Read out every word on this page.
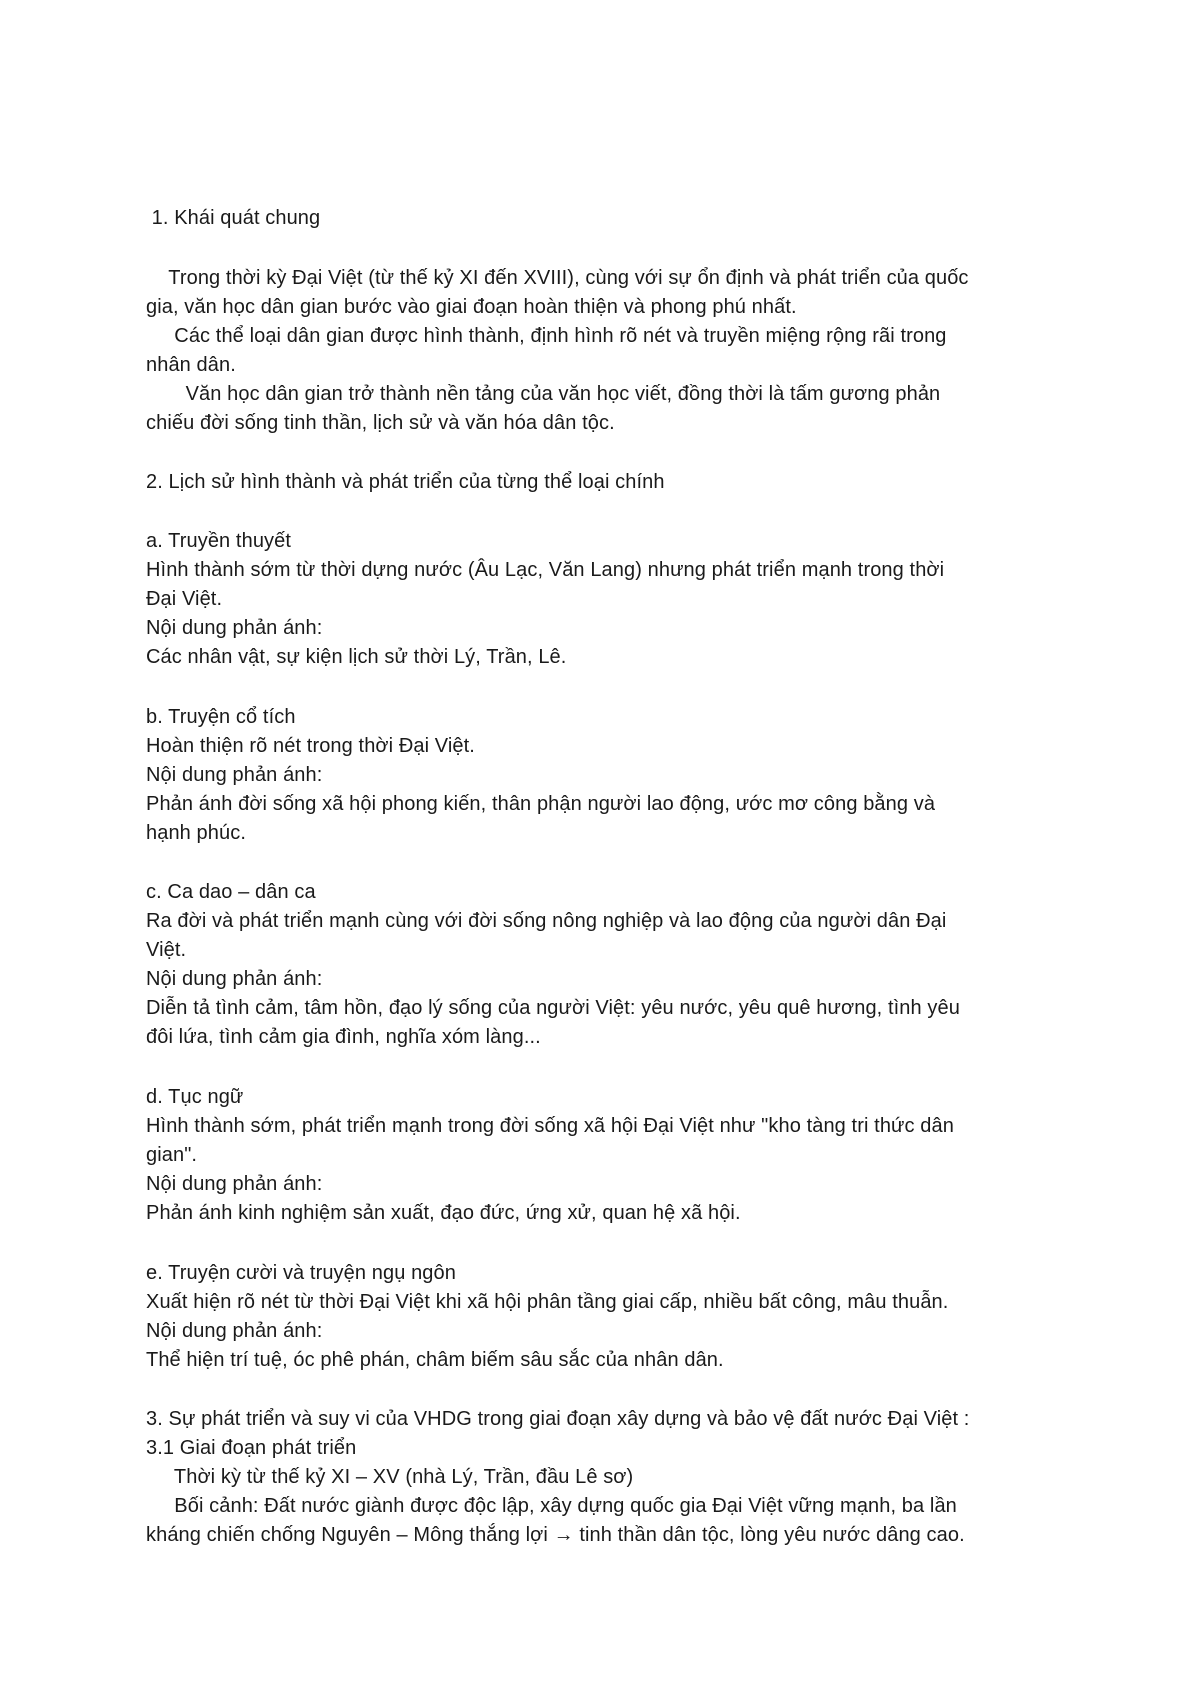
1. Khái quát chung
Trong thời kỳ Đại Việt (từ thế kỷ XI đến XVIII), cùng với sự ổn định và phát triển của quốc
gia, văn học dân gian bước vào giai đoạn hoàn thiện và phong phú nhất.
Các thể loại dân gian được hình thành, định hình rõ nét và truyền miệng rộng rãi trong
nhân dân.
Văn học dân gian trở thành nền tảng của văn học viết, đồng thời là tấm gương phản
chiếu đời sống tinh thần, lịch sử và văn hóa dân tộc.
2. Lịch sử hình thành và phát triển của từng thể loại chính
a. Truyền thuyết
Hình thành sớm từ thời dựng nước (Âu Lạc, Văn Lang) nhưng phát triển mạnh trong thời
Đại Việt.
Nội dung phản ánh:
Các nhân vật, sự kiện lịch sử thời Lý, Trần, Lê.
b. Truyện cổ tích
Hoàn thiện rõ nét trong thời Đại Việt.
Nội dung phản ánh:
Phản ánh đời sống xã hội phong kiến, thân phận người lao động, ước mơ công bằng và
hạnh phúc.
c. Ca dao – dân ca
Ra đời và phát triển mạnh cùng với đời sống nông nghiệp và lao động của người dân Đại
Việt.
Nội dung phản ánh:
Diễn tả tình cảm, tâm hồn, đạo lý sống của người Việt: yêu nước, yêu quê hương, tình yêu
đôi lứa, tình cảm gia đình, nghĩa xóm làng...
d. Tục ngữ
Hình thành sớm, phát triển mạnh trong đời sống xã hội Đại Việt như "kho tàng tri thức dân
gian".
Nội dung phản ánh:
Phản ánh kinh nghiệm sản xuất, đạo đức, ứng xử, quan hệ xã hội.
e. Truyện cười và truyện ngụ ngôn
Xuất hiện rõ nét từ thời Đại Việt khi xã hội phân tầng giai cấp, nhiều bất công, mâu thuẫn.
Nội dung phản ánh:
Thể hiện trí tuệ, óc phê phán, châm biếm sâu sắc của nhân dân.
3. Sự phát triển và suy vi của VHDG trong giai đoạn xây dựng và bảo vệ đất nước Đại Việt :
3.1 Giai đoạn phát triển
Thời kỳ từ thế kỷ XI – XV (nhà Lý, Trần, đầu Lê sơ)
Bối cảnh: Đất nước giành được độc lập, xây dựng quốc gia Đại Việt vững mạnh, ba lần
kháng chiến chống Nguyên – Mông thắng lợi → tinh thần dân tộc, lòng yêu nước dâng cao.
